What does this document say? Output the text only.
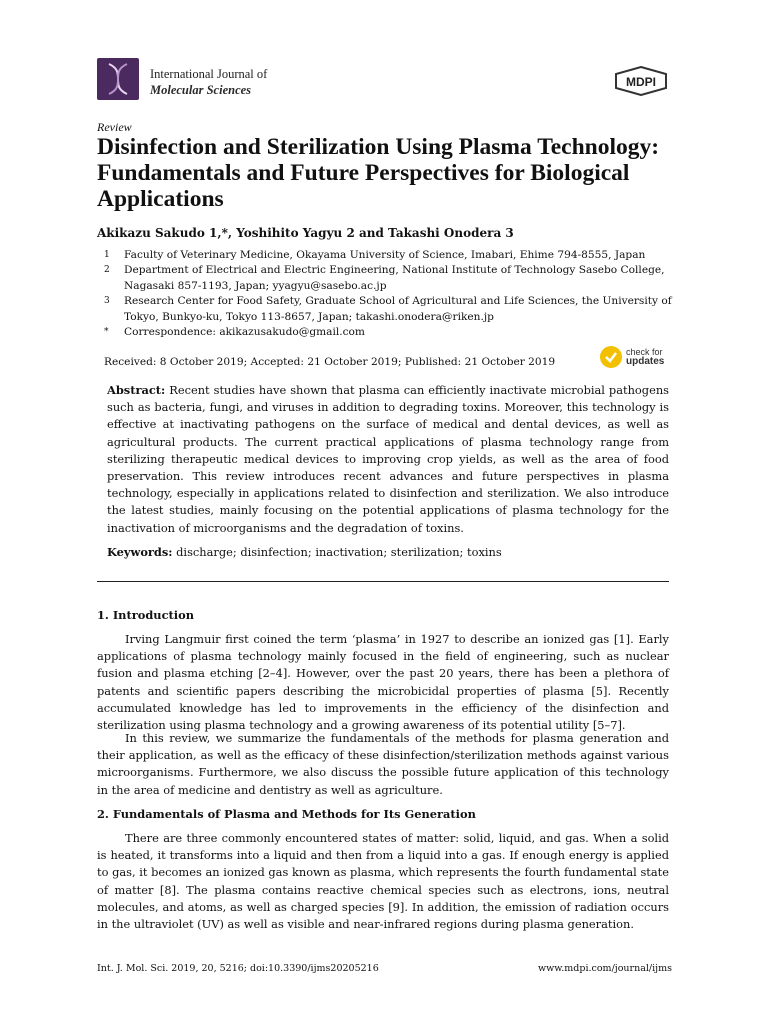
International Journal of
Molecular Sciences
MDPI
Review
Disinfection and Sterilization Using Plasma Technology: Fundamentals and Future Perspectives for Biological Applications
Akikazu Sakudo 1,*, Yoshihito Yagyu 2 and Takashi Onodera 3
1	Faculty of Veterinary Medicine, Okayama University of Science, Imabari, Ehime 794-8555, Japan
2	Department of Electrical and Electric Engineering, National Institute of Technology Sasebo College, Nagasaki 857-1193, Japan; yyagyu@sasebo.ac.jp
3	Research Center for Food Safety, Graduate School of Agricultural and Life Sciences, the University of Tokyo, Bunkyo-ku, Tokyo 113-8657, Japan; takashi.onodera@riken.jp
*	Correspondence: akikazusakudo@gmail.com
Received: 8 October 2019; Accepted: 21 October 2019; Published: 21 October 2019
check for
updates
Abstract: Recent studies have shown that plasma can efficiently inactivate microbial pathogens such as bacteria, fungi, and viruses in addition to degrading toxins. Moreover, this technology is effective at inactivating pathogens on the surface of medical and dental devices, as well as agricultural products. The current practical applications of plasma technology range from sterilizing therapeutic medical devices to improving crop yields, as well as the area of food preservation. This review introduces recent advances and future perspectives in plasma technology, especially in applications related to disinfection and sterilization. We also introduce the latest studies, mainly focusing on the potential applications of plasma technology for the inactivation of microorganisms and the degradation of toxins.
Keywords: discharge; disinfection; inactivation; sterilization; toxins
1. Introduction
Irving Langmuir first coined the term ‘plasma’ in 1927 to describe an ionized gas [1]. Early applications of plasma technology mainly focused in the field of engineering, such as nuclear fusion and plasma etching [2–4]. However, over the past 20 years, there has been a plethora of patents and scientific papers describing the microbicidal properties of plasma [5]. Recently accumulated knowledge has led to improvements in the efficiency of the disinfection and sterilization using plasma technology and a growing awareness of its potential utility [5–7].
In this review, we summarize the fundamentals of the methods for plasma generation and their application, as well as the efficacy of these disinfection/sterilization methods against various microorganisms. Furthermore, we also discuss the possible future application of this technology in the area of medicine and dentistry as well as agriculture.
2. Fundamentals of Plasma and Methods for Its Generation
There are three commonly encountered states of matter: solid, liquid, and gas. When a solid is heated, it transforms into a liquid and then from a liquid into a gas. If enough energy is applied to gas, it becomes an ionized gas known as plasma, which represents the fourth fundamental state of matter [8]. The plasma contains reactive chemical species such as electrons, ions, neutral molecules, and atoms, as well as charged species [9]. In addition, the emission of radiation occurs in the ultraviolet (UV) as well as visible and near-infrared regions during plasma generation.
Int. J. Mol. Sci. 2019, 20, 5216; doi:10.3390/ijms20205216	www.mdpi.com/journal/ijms
